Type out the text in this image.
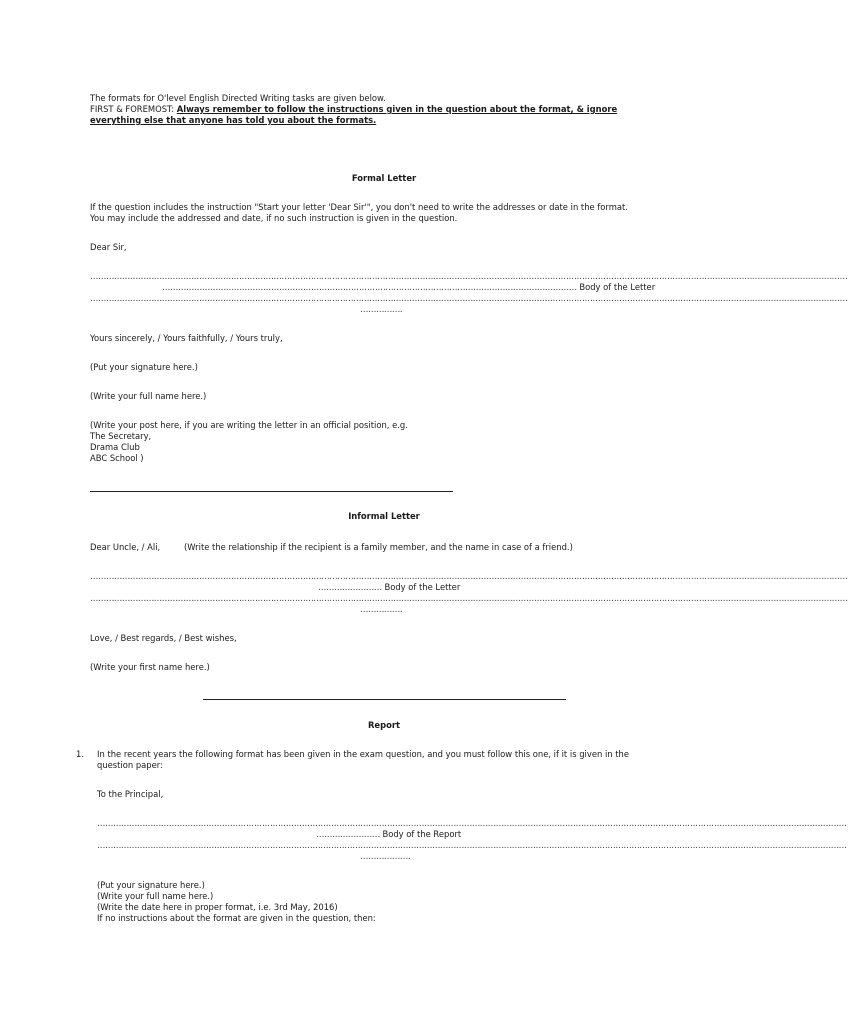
The formats for O'level English Directed Writing tasks are given below.
FIRST & FOREMOST: Always remember to follow the instructions given in the question about the format, & ignore
everything else that anyone has told you about the formats.
Formal Letter
If the question includes the instruction "Start your letter 'Dear Sir'", you don't need to write the addresses or date in the format.
You may include the addressed and date, if no such instruction is given in the question.
Dear Sir,
……………………………………………………………………………………………………………………………………………………………………………………………………………………………………………………………
………………………………………………………………………………………………………………………………………… Body of the Letter
……………………………………………………………………………………………………………………………………………………………………………………………………………………………………………………………
…………….
Yours sincerely, / Yours faithfully, / Yours truly,
(Put your signature here.)
(Write your full name here.)
(Write your post here, if you are writing the letter in an official position, e.g.
The Secretary,
Drama Club
ABC School )
Informal Letter
Dear Uncle, / Ali,	(Write the relationship if the recipient is a family member, and the name in case of a friend.)
……………………………………………………………………………………………………………………………………………………………………………………………………………………………………………………………
…………………… Body of the Letter
……………………………………………………………………………………………………………………………………………………………………………………………………………………………………………………………
…………….
Love, / Best regards, / Best wishes,
(Write your first name here.)
Report
1. In the recent years the following format has been given in the exam question, and you must follow this one, if it is given in the
question paper:
To the Principal,
…………………………………………………………………………………………………………………………………………………………………………………………………………………………………………………………
…………………… Body of the Report
…………………………………………………………………………………………………………………………………………………………………………………………………………………………………………………………
……………….
(Put your signature here.)
(Write your full name here.)
(Write the date here in proper format, i.e. 3rd May, 2016)
If no instructions about the format are given in the question, then:
